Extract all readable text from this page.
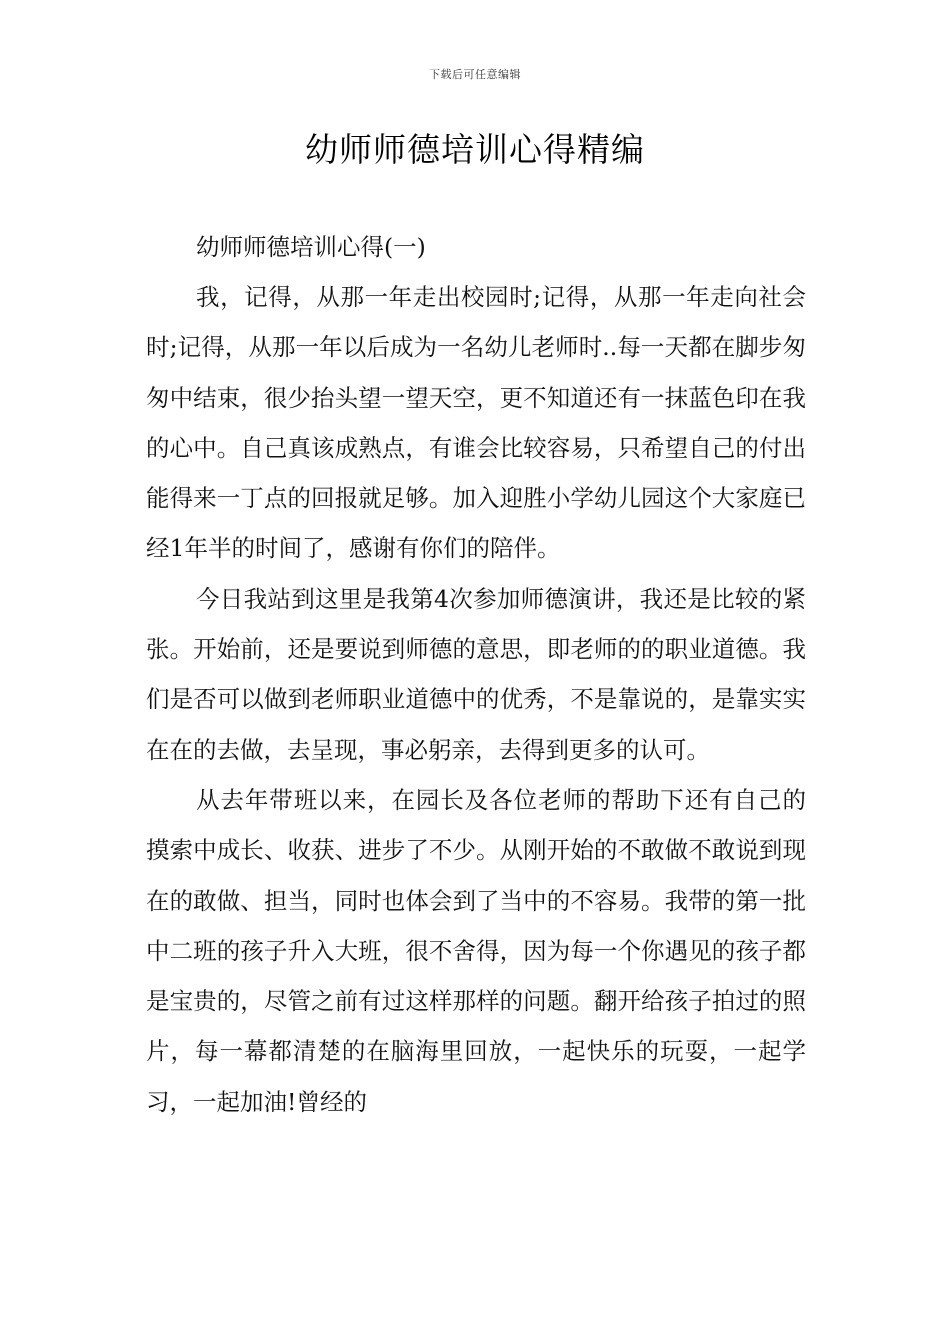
下载后可任意编辑
幼师师德培训心得精编

幼师师德培训心得(一)

我，记得，从那一年走出校园时;记得，从那一年走向社会时;记得，从那一年以后成为一名幼儿老师时..每一天都在脚步匆匆中结束，很少抬头望一望天空，更不知道还有一抹蓝色印在我的心中。自己真该成熟点，有谁会比较容易，只希望自己的付出能得来一丁点的回报就足够。加入迎胜小学幼儿园这个大家庭已经1年半的时间了，感谢有你们的陪伴。

今日我站到这里是我第4次参加师德演讲，我还是比较的紧张。开始前，还是要说到师德的意思，即老师的的职业道德。我们是否可以做到老师职业道德中的优秀，不是靠说的，是靠实实在在的去做，去呈现，事必躬亲，去得到更多的认可。

从去年带班以来，在园长及各位老师的帮助下还有自己的摸索中成长、收获、进步了不少。从刚开始的不敢做不敢说到现在的敢做、担当，同时也体会到了当中的不容易。我带的第一批中二班的孩子升入大班，很不舍得，因为每一个你遇见的孩子都是宝贵的，尽管之前有过这样那样的问题。翻开给孩子拍过的照片，每一幕都清楚的在脑海里回放，一起快乐的玩耍，一起学习，一起加油!曾经的
